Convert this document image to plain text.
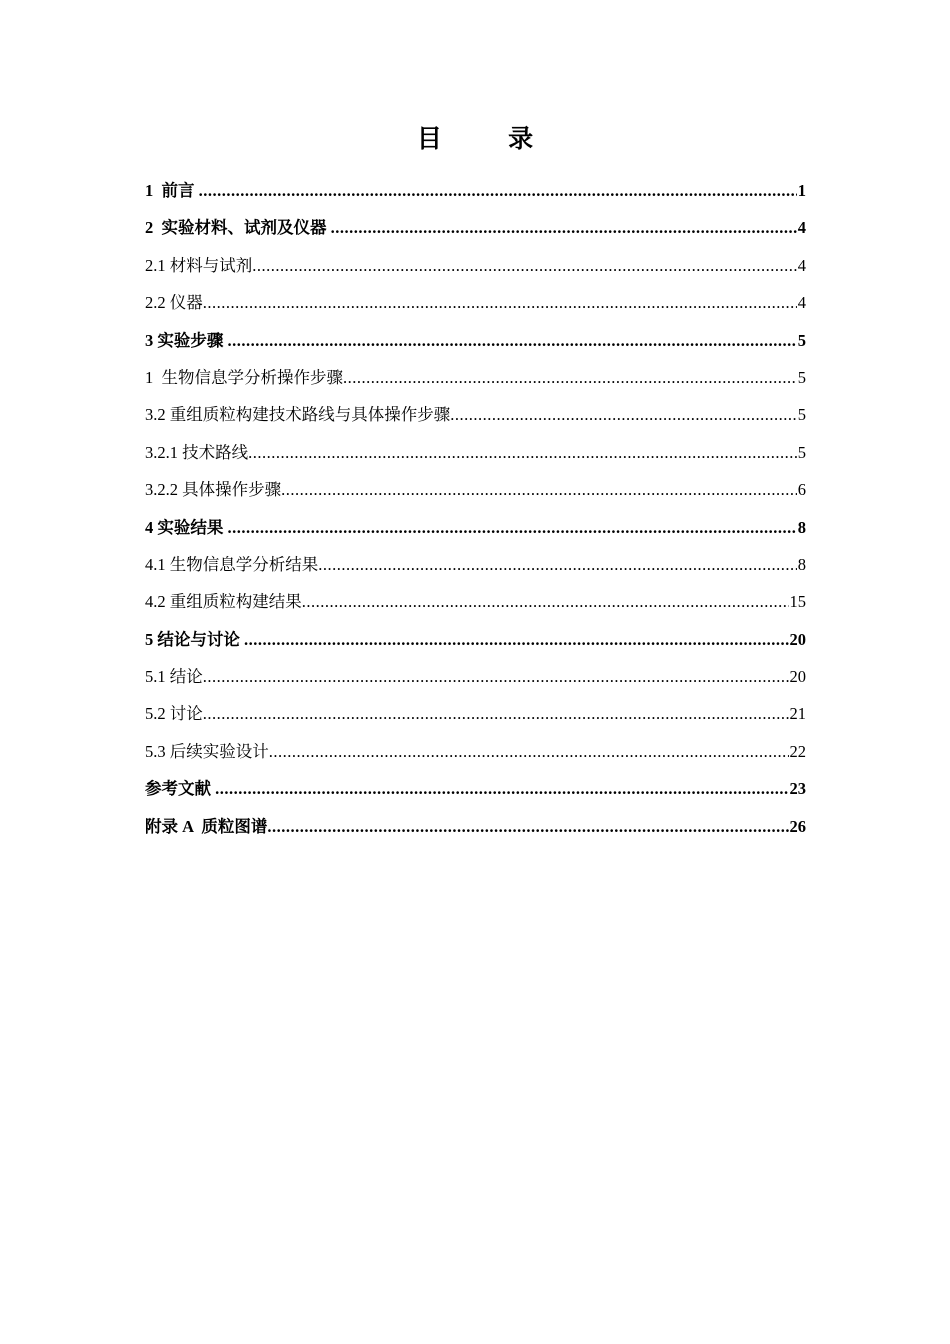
目 录
1  前言 .....	1
2  实验材料、试剂及仪器 .....	4
2.1 材料与试剂 .....	4
2.2 仪器 .....	4
3 实验步骤 .....	5
1  生物信息学分析操作步骤 .....	5
3.2 重组质粒构建技术路线与具体操作步骤 .....	5
3.2.1 技术路线 .....	5
3.2.2 具体操作步骤 .....	6
4 实验结果 .....	8
4.1 生物信息学分析结果 .....	8
4.2 重组质粒构建结果 .....	15
5 结论与讨论 .....	20
5.1 结论 .....	20
5.2 讨论 .....	21
5.3 后续实验设计 .....	22
参考文献 .....	23
附录 A  质粒图谱 .....	26
